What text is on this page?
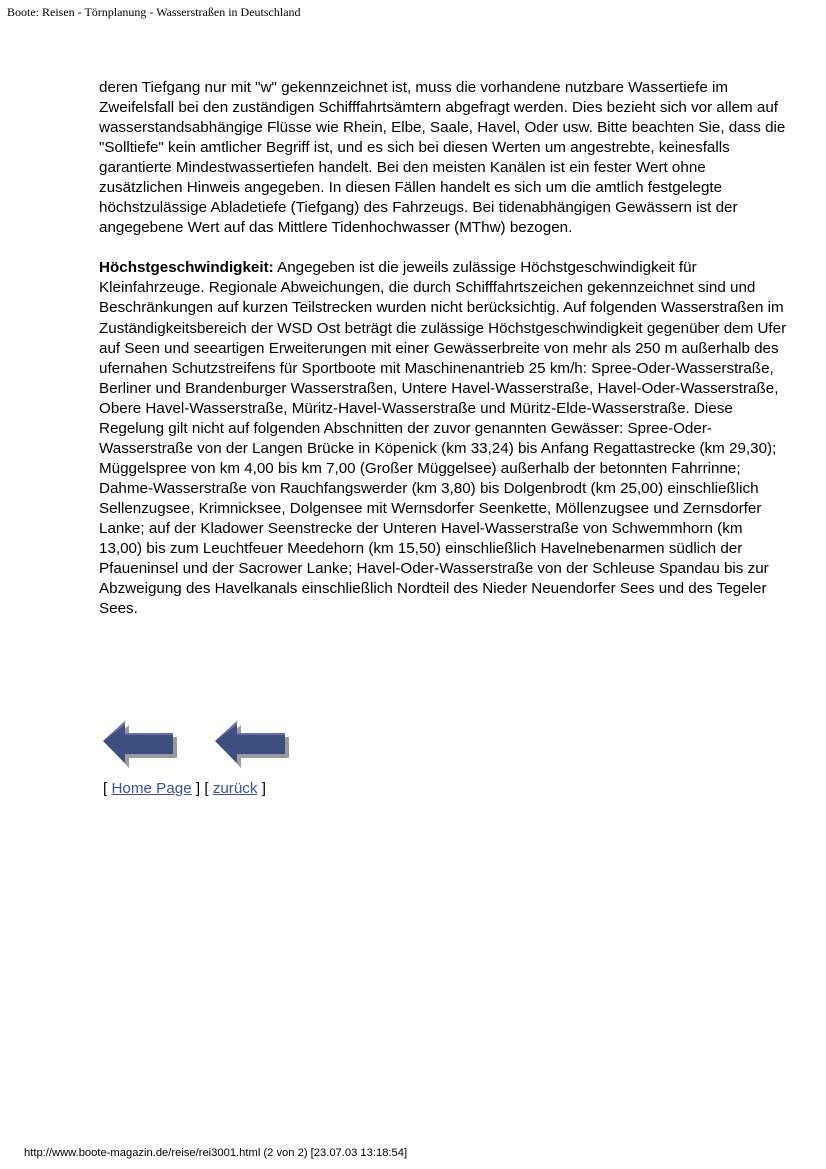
Boote: Reisen - Törnplanung - Wasserstraßen in Deutschland

deren Tiefgang nur mit "w" gekennzeichnet ist, muss die vorhandene nutzbare Wassertiefe im Zweifelsfall bei den zuständigen Schifffahrtsämtern abgefragt werden. Dies bezieht sich vor allem auf wasserstandsabhängige Flüsse wie Rhein, Elbe, Saale, Havel, Oder usw. Bitte beachten Sie, dass die "Solltiefe" kein amtlicher Begriff ist, und es sich bei diesen Werten um angestrebte, keinesfalls garantierte Mindestwassertiefen handelt. Bei den meisten Kanälen ist ein fester Wert ohne zusätzlichen Hinweis angegeben. In diesen Fällen handelt es sich um die amtlich festgelegte höchstzulässige Abladetiefe (Tiefgang) des Fahrzeugs. Bei tidenabhängigen Gewässern ist der angegebene Wert auf das Mittlere Tidenhochwasser (MThw) bezogen.

Höchstgeschwindigkeit: Angegeben ist die jeweils zulässige Höchstgeschwindigkeit für Kleinfahrzeuge. Regionale Abweichungen, die durch Schifffahrtszeichen gekennzeichnet sind und Beschränkungen auf kurzen Teilstrecken wurden nicht berücksichtig. Auf folgenden Wasserstraßen im Zuständigkeitsbereich der WSD Ost beträgt die zulässige Höchstgeschwindigkeit gegenüber dem Ufer auf Seen und seeartigen Erweiterungen mit einer Gewässerbreite von mehr als 250 m außerhalb des ufernahen Schutzstreifens für Sportboote mit Maschinenantrieb 25 km/h: Spree-Oder-Wasserstraße, Berliner und Brandenburger Wasserstraßen, Untere Havel-Wasserstraße, Havel-Oder-Wasserstraße, Obere Havel-Wasserstraße, Müritz-Havel-Wasserstraße und Müritz-Elde-Wasserstraße. Diese Regelung gilt nicht auf folgenden Abschnitten der zuvor genannten Gewässer: Spree-Oder-Wasserstraße von der Langen Brücke in Köpenick (km 33,24) bis Anfang Regattastrecke (km 29,30); Müggelspree von km 4,00 bis km 7,00 (Großer Müggelsee) außerhalb der betonnten Fahrrinne; Dahme-Wasserstraße von Rauchfangswerder (km 3,80) bis Dolgenbrodt (km 25,00) einschließlich Sellenzugsee, Krimnicksee, Dolgensee mit Wernsdorfer Seenkette, Möllenzugsee und Zernsdorfer Lanke; auf der Kladower Seenstrecke der Unteren Havel-Wasserstraße von Schwemmhorn (km 13,00) bis zum Leuchtfeuer Meedehorn (km 15,50) einschließlich Havelnebenarmen südlich der Pfaueninsel und der Sacrower Lanke; Havel-Oder-Wasserstraße von der Schleuse Spandau bis zur Abzweigung des Havelkanals einschließlich Nordteil des Nieder Neuendorfer Sees und des Tegeler Sees.

[ Home Page ] [ zurück ]
http://www.boote-magazin.de/reise/rei3001.html (2 von 2) [23.07.03 13:18:54]
